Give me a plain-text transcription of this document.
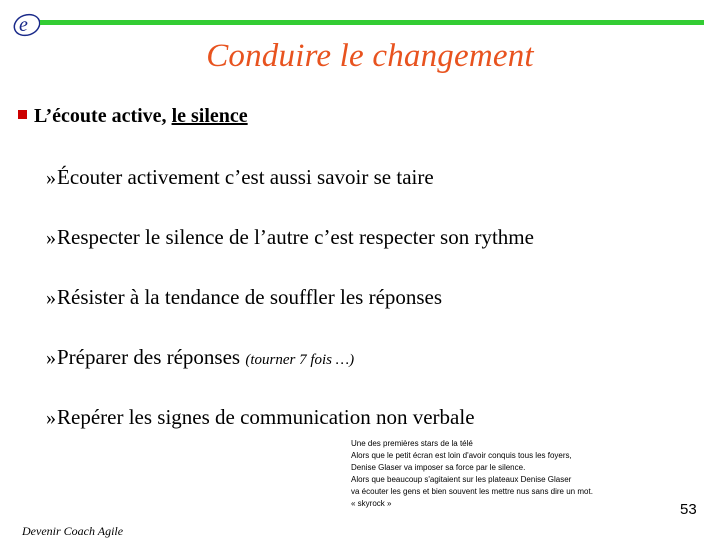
e
Conduire le changement
L’écoute active, le silence
»Écouter activement c’est aussi savoir se taire
»Respecter le silence de l’autre c’est respecter son rythme
»Résister à la tendance de souffler les réponses
»Préparer des réponses (tourner 7 fois …)
»Repérer les signes de communication non verbale
Une des premières stars de la télé
Alors que le petit écran est loin d'avoir conquis tous les foyers,
Denise Glaser va imposer sa force par le silence.
Alors que beaucoup s'agitaient sur les plateaux Denise Glaser
va écouter les gens et bien souvent les mettre nus sans dire un mot.
« skyrock »	53
Devenir Coach Agile
